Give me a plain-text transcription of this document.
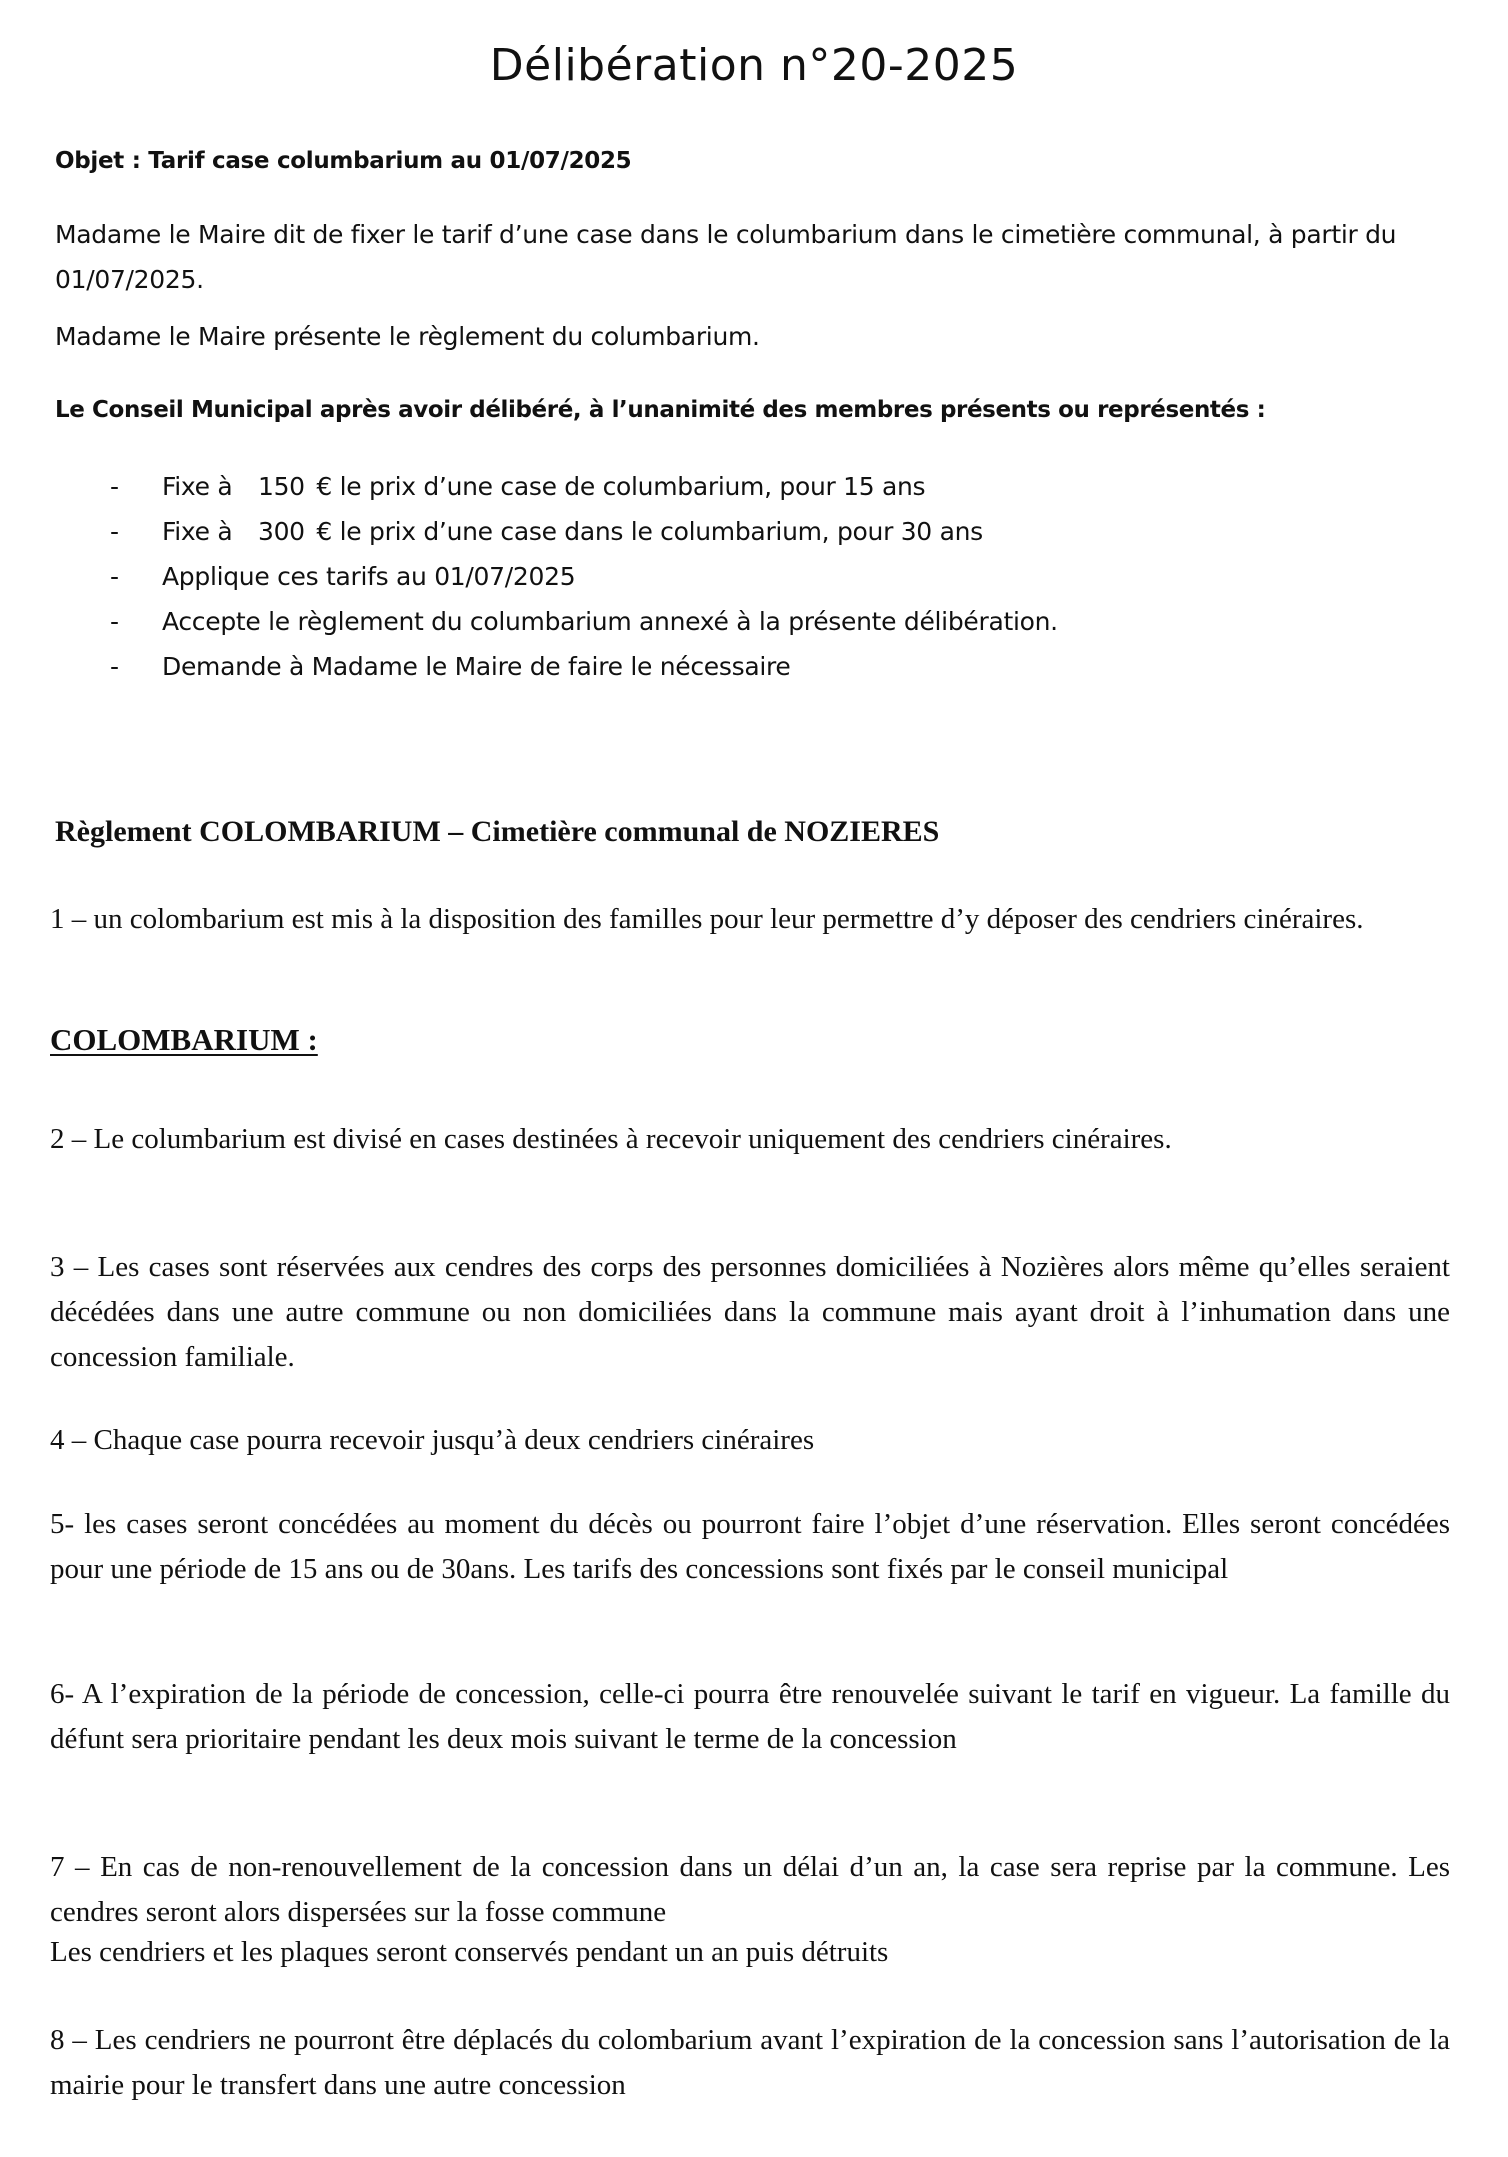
Délibération n°20-2025

Objet : Tarif case columbarium au 01/07/2025

Madame le Maire dit de fixer le tarif d’une case dans le columbarium dans le cimetière communal, à partir du 01/07/2025.

Madame le Maire présente le règlement du columbarium.

Le Conseil Municipal après avoir délibéré, à l’unanimité des membres présents ou représentés :

-	Fixe à	150 € le prix d’une case de columbarium, pour 15 ans
-	Fixe à	300 € le prix d’une case dans le columbarium, pour 30 ans
-	Applique ces tarifs au 01/07/2025
-	Accepte le règlement du columbarium annexé à la présente délibération.
-	Demande à Madame le Maire de faire le nécessaire
Règlement COLOMBARIUM – Cimetière communal de NOZIERES

1 – un colombarium est mis à la disposition des familles pour leur permettre d’y déposer des cendriers cinéraires.

COLOMBARIUM :

2 – Le columbarium est divisé en cases destinées à recevoir uniquement des cendriers cinéraires.

3 – Les cases sont réservées aux cendres des corps des personnes domiciliées à Nozières alors même qu’elles seraient décédées dans une autre commune ou non domiciliées dans la commune mais ayant droit à l’inhumation dans une concession familiale.

4 – Chaque case pourra recevoir jusqu’à deux cendriers cinéraires

5- les cases seront concédées au moment du décès ou pourront faire l’objet d’une réservation. Elles seront concédées pour une période de 15 ans ou de 30ans. Les tarifs des concessions sont fixés par le conseil municipal

6- A l’expiration de la période de concession, celle-ci pourra être renouvelée suivant le tarif en vigueur. La famille du défunt sera prioritaire pendant les deux mois suivant le terme de la concession

7 – En cas de non-renouvellement de la concession dans un délai d’un an, la case sera reprise par la commune. Les cendres seront alors dispersées sur la fosse commune

Les cendriers et les plaques seront conservés pendant un an puis détruits

8 – Les cendriers ne pourront être déplacés du colombarium avant l’expiration de la concession sans l’autorisation de la mairie pour le transfert dans une autre concession
